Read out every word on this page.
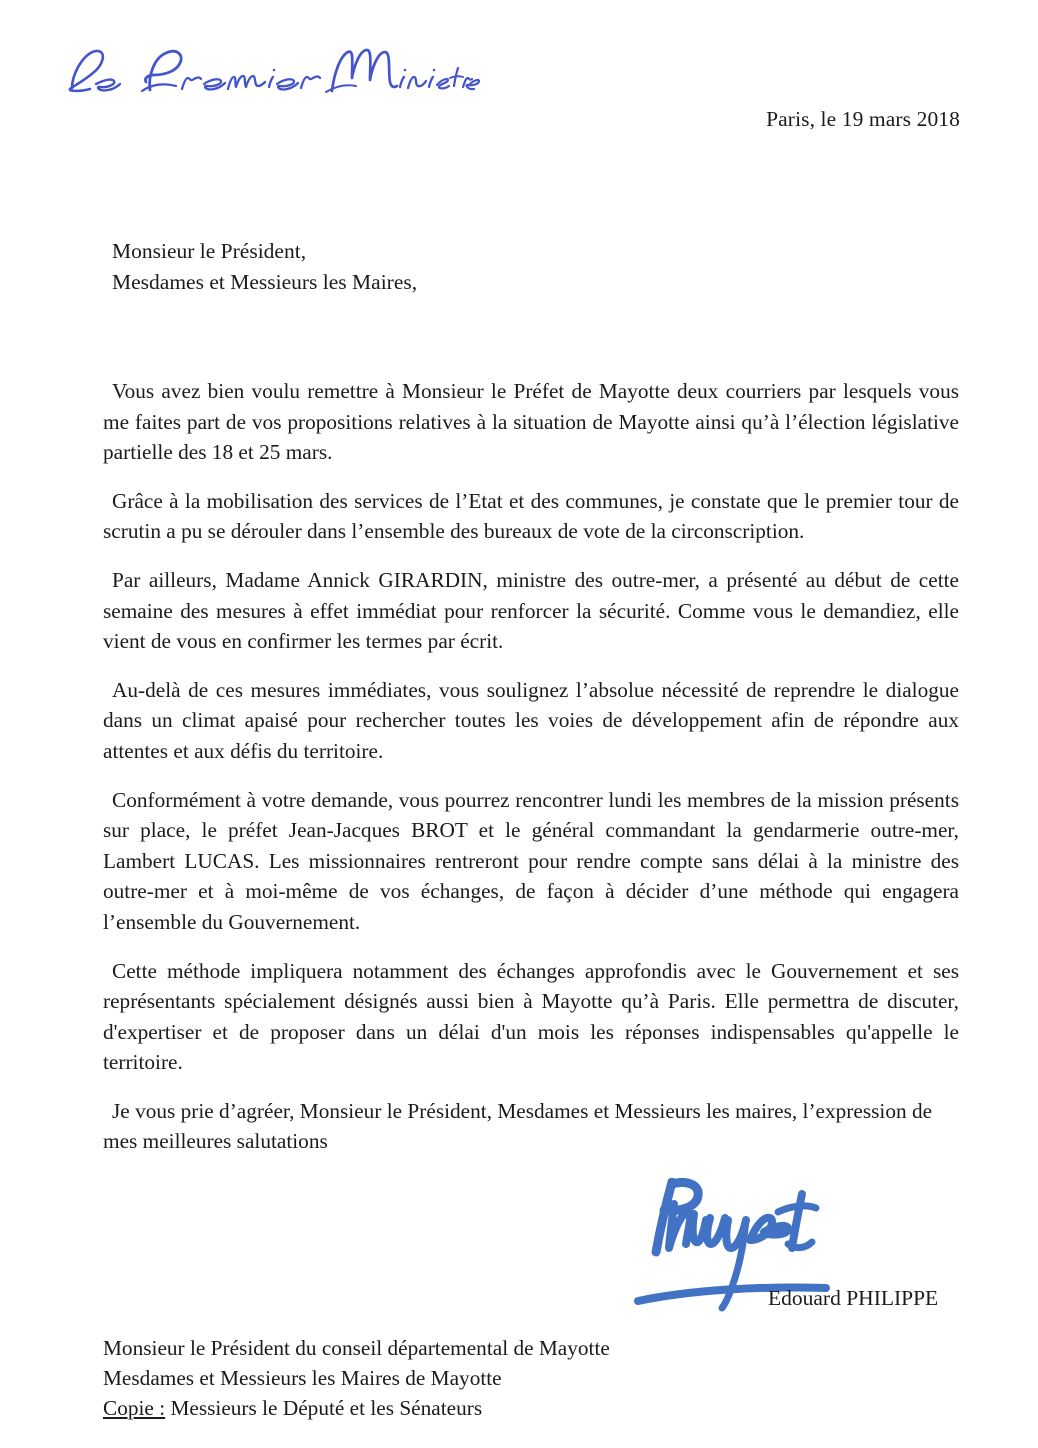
Paris, le 19 mars 2018
Monsieur le Président,
Mesdames et Messieurs les Maires,

Vous avez bien voulu remettre à Monsieur le Préfet de Mayotte deux courriers par lesquels vous me faites part de vos propositions relatives à la situation de Mayotte ainsi qu’à l’élection législative partielle des 18 et 25 mars.

Grâce à la mobilisation des services de l’Etat et des communes, je constate que le premier tour de scrutin a pu se dérouler dans l’ensemble des bureaux de vote de la circonscription.

Par ailleurs, Madame Annick GIRARDIN, ministre des outre-mer, a présenté au début de cette semaine des mesures à effet immédiat pour renforcer la sécurité. Comme vous le demandiez, elle vient de vous en confirmer les termes par écrit.

Au-delà de ces mesures immédiates, vous soulignez l’absolue nécessité de reprendre le dialogue dans un climat apaisé pour rechercher toutes les voies de développement afin de répondre aux attentes et aux défis du territoire.

Conformément à votre demande, vous pourrez rencontrer lundi les membres de la mission présents sur place, le préfet Jean-Jacques BROT et le général commandant la gendarmerie outre-mer, Lambert LUCAS. Les missionnaires rentreront pour rendre compte sans délai à la ministre des outre-mer et à moi-même de vos échanges, de façon à décider d’une méthode qui engagera l’ensemble du Gouvernement.

Cette méthode impliquera notamment des échanges approfondis avec le Gouvernement et ses représentants spécialement désignés aussi bien à Mayotte qu’à Paris. Elle permettra de discuter, d'expertiser et de proposer dans un délai d'un mois les réponses indispensables qu'appelle le territoire.

Je vous prie d’agréer, Monsieur le Président, Mesdames et Messieurs les maires, l’expression de mes meilleures salutations

Edouard PHILIPPE
Monsieur le Président du conseil départemental de Mayotte
Mesdames et Messieurs les Maires de Mayotte
Copie : Messieurs le Député et les Sénateurs
